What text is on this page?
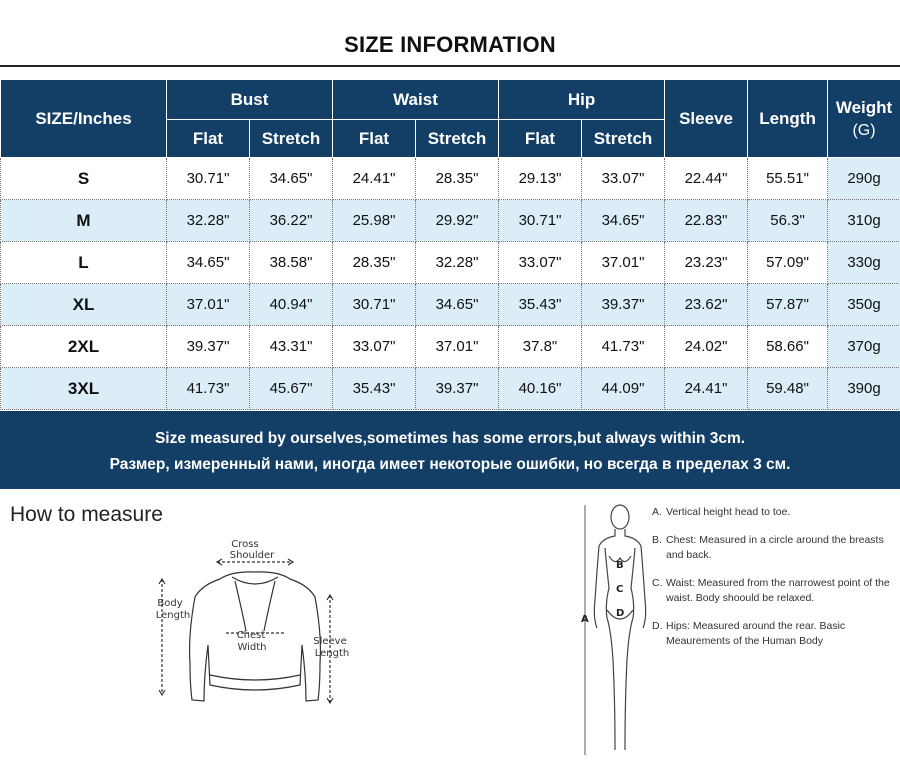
SIZE INFORMATION
SIZE/Inches	Bust		Waist		Hip		Sleeve	Length	Weight
(G)

	Flat	Stretch	Flat	Stretch	Flat	Stretch			
S	30.71"	34.65"	24.41"	28.35"	29.13"	33.07"	22.44"	55.51"	290g
M	32.28"	36.22"	25.98"	29.92"	30.71"	34.65"	22.83"	56.3"	310g
L	34.65"	38.58"	28.35"	32.28"	33.07"	37.01"	23.23"	57.09"	330g
XL	37.01"	40.94"	30.71"	34.65"	35.43"	39.37"	23.62"	57.87"	350g
2XL	39.37"	43.31"	33.07"	37.01"	37.8"	41.73"	24.02"	58.66"	370g
3XL	41.73"	45.67"	35.43"	39.37"	40.16"	44.09"	24.41"	59.48"	390g
Size measured by ourselves,sometimes has some errors,but always within 3cm.
Размер, измеренный нами, иногда имеет некоторые ошибки, но всегда в пределах 3 см.
How to measure
Cross
Shoulder
Body
Length
Chest
Width
Sleeve
Length
A
B
C
D
A. Vertical height head to toe.
B. Chest: Measured in a circle around the breasts and back.
C. Waist: Measured from the narrowest point of the waist. Body shoould be relaxed.
D. Hips: Measured around the rear. Basic Meaurements of the Human Body
